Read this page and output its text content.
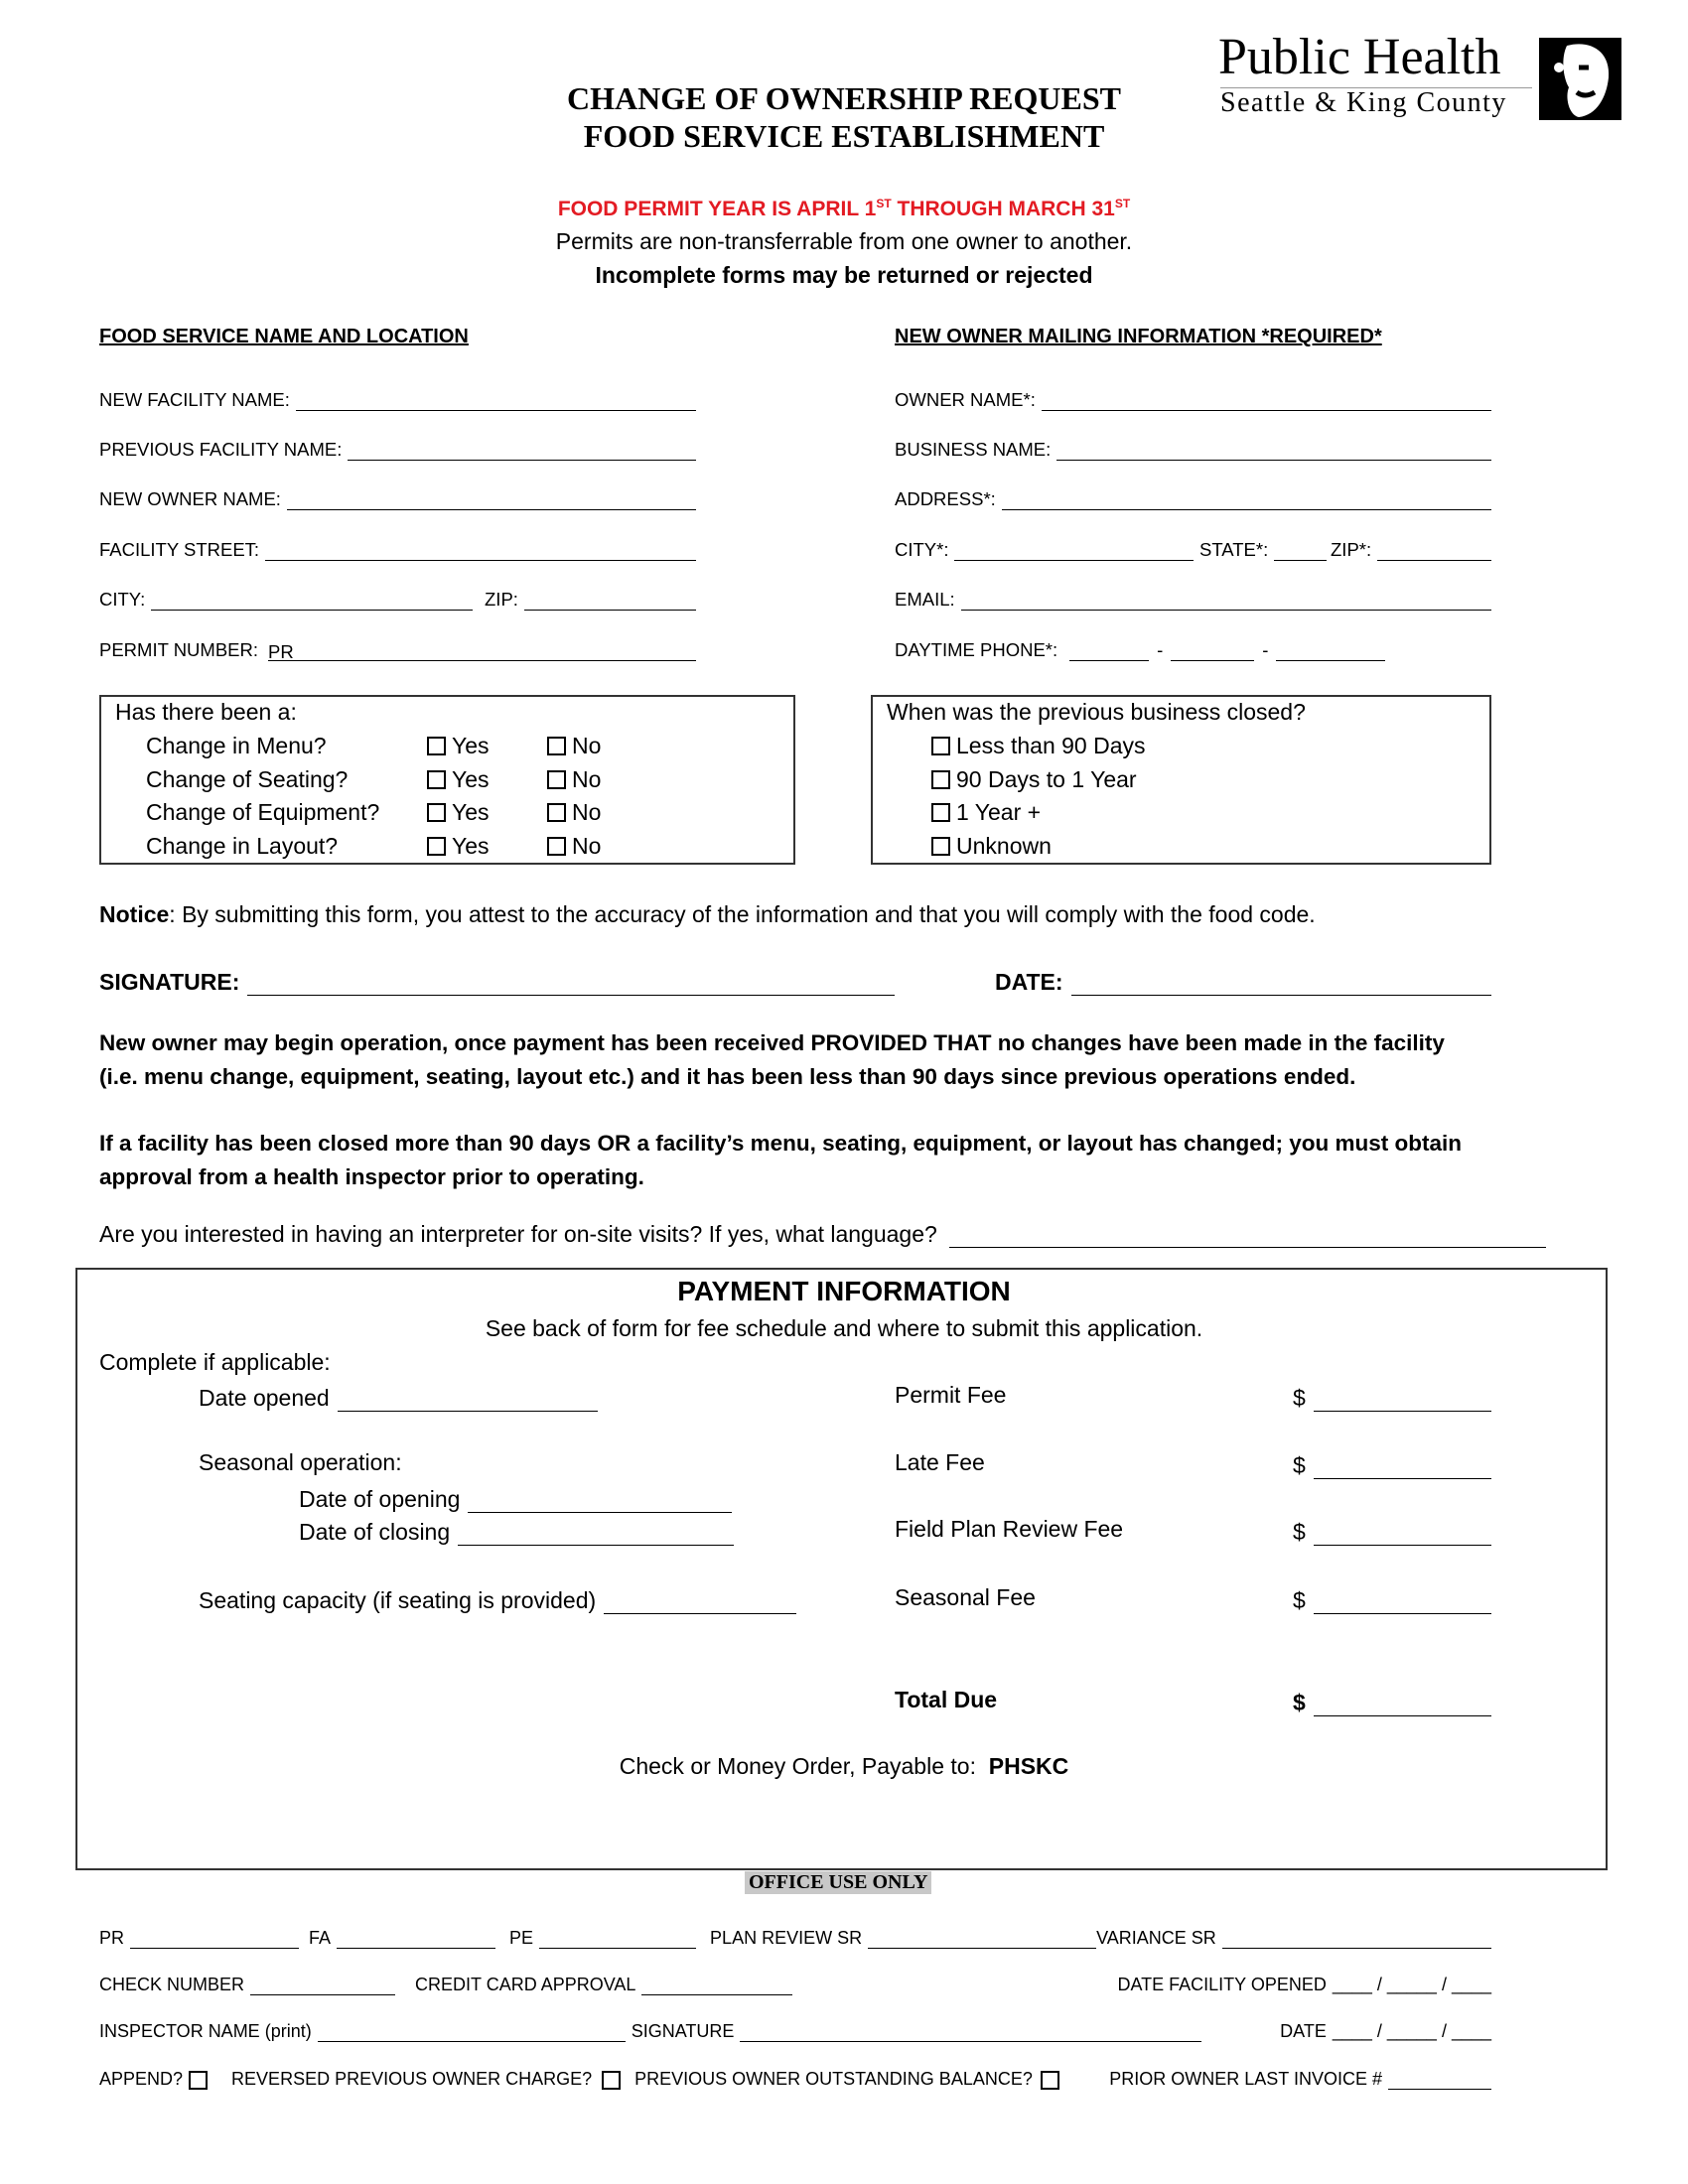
Public Health
Seattle & King County
CHANGE OF OWNERSHIP REQUEST
FOOD SERVICE ESTABLISHMENT
FOOD PERMIT YEAR IS APRIL 1ST THROUGH MARCH 31ST
Permits are non-transferrable from one owner to another.
Incomplete forms may be returned or rejected
FOOD SERVICE NAME AND LOCATION	NEW OWNER MAILING INFORMATION *REQUIRED*
NEW FACILITY NAME:
PREVIOUS FACILITY NAME:
NEW OWNER NAME:
FACILITY STREET:
CITY:	ZIP:
PERMIT NUMBER: PR
OWNER NAME*:
BUSINESS NAME:
ADDRESS*:
CITY*:	STATE*:	ZIP*:
EMAIL:
DAYTIME PHONE*:	-	-
Has there been a:
Change in Menu?	Yes	No
Change of Seating?	Yes	No
Change of Equipment?	Yes	No
Change in Layout?	Yes	No
When was the previous business closed?
Less than 90 Days
90 Days to 1 Year
1 Year +
Unknown
Notice: By submitting this form, you attest to the accuracy of the information and that you will comply with the food code.
SIGNATURE:	DATE:
New owner may begin operation, once payment has been received PROVIDED THAT no changes have been made in the facility
(i.e. menu change, equipment, seating, layout etc.) and it has been less than 90 days since previous operations ended.
If a facility has been closed more than 90 days OR a facility’s menu, seating, equipment, or layout has changed; you must obtain
approval from a health inspector prior to operating.
Are you interested in having an interpreter for on-site visits? If yes, what language?
PAYMENT INFORMATION
See back of form for fee schedule and where to submit this application.
Complete if applicable:
Date opened
Seasonal operation:
Date of opening
Date of closing
Seating capacity (if seating is provided)
Permit Fee	$
Late Fee	$
Field Plan Review Fee	$
Seasonal Fee	$
Total Due	$
Check or Money Order, Payable to: PHSKC
OFFICE USE ONLY
PR	FA	PE	PLAN REVIEW SR	VARIANCE SR
CHECK NUMBER	CREDIT CARD APPROVAL	DATE FACILITY OPENED ____ / _____ / ____
INSPECTOR NAME (print)	SIGNATURE	DATE ____ / _____ / ____
APPEND?	REVERSED PREVIOUS OWNER CHARGE? PREVIOUS OWNER OUTSTANDING BALANCE?	PRIOR OWNER LAST INVOICE #
